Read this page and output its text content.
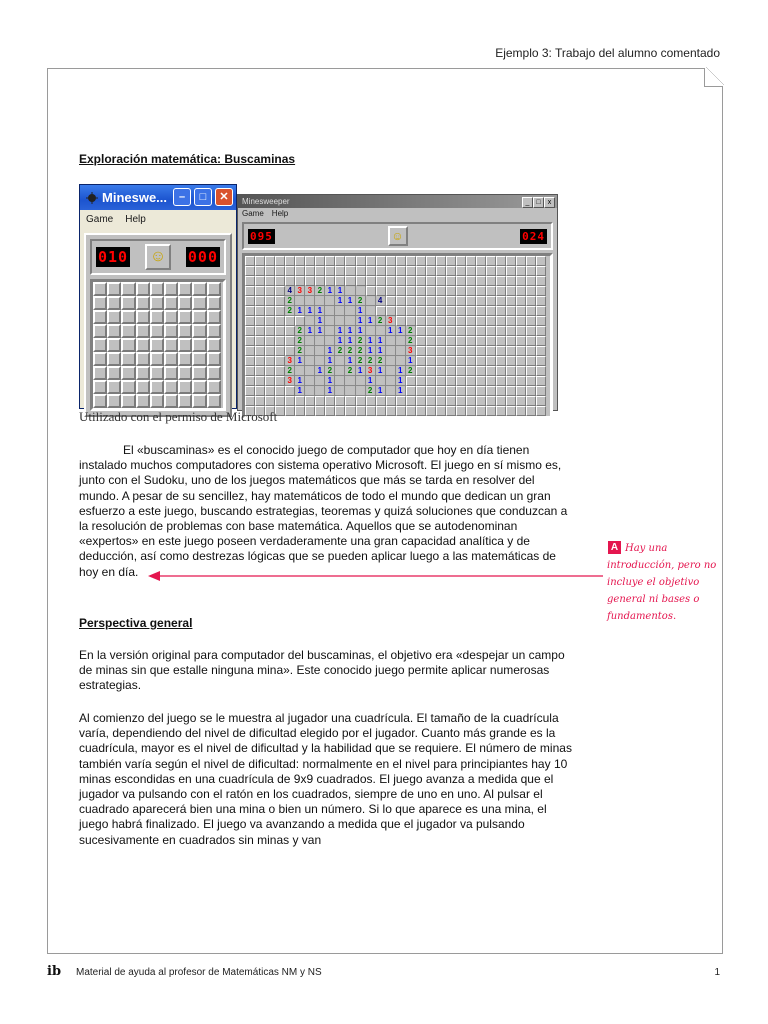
Ejemplo 3: Trabajo del alumno comentado
Exploración matemática: Buscaminas
Mineswe...	–	□	✕
Game Help
010 ☺ 000
Minesweeper	_ □	x
Game Help
095	☺	024
4 3 3 2 1 1
2	1 1 2	4
2 1 1 1	1
1	1 1 2 3
2 1 1	1 1 1	1 1 2
2	1 1 2 1 1	2
2	1 2 2 2 1 1	3
3 1	1	1 2 2 2	1
2	1 2	2 1 3 1	1 2
3 1	1	1	1
1	1	2 1	1
Utilizado con el permiso de Microsoft

El «buscaminas» es el conocido juego de computador que hoy en día tienen instalado muchos computadores con sistema operativo Microsoft. El juego en sí mismo es, junto con el Sudoku, uno de los juegos matemáticos que más se tarda en resolver del mundo. A pesar de su sencillez, hay matemáticos de todo el mundo que dedican un gran esfuerzo a este juego, buscando estrategias, teoremas y quizá soluciones que conduzcan a la resolución de problemas con base matemática. Aquellos que se autodenominan «expertos» en este juego poseen verdaderamente una gran capacidad analítica y de deducción, así como destrezas lógicas que se pueden aplicar luego a las matemáticas de hoy en día.

Hay una introducción, pero no incluye el objetivo general ni bases o fundamentos.
A
Perspectiva general

En la versión original para computador del buscaminas, el objetivo era «despejar un campo de minas sin que estalle ninguna mina». Este conocido juego permite aplicar numerosas estrategias.

Al comienzo del juego se le muestra al jugador una cuadrícula. El tamaño de la cuadrícula varía, dependiendo del nivel de dificultad elegido por el jugador. Cuanto más grande es la cuadrícula, mayor es el nivel de dificultad y la habilidad que se requiere. El número de minas también varía según el nivel de dificultad: normalmente en el nivel para principiantes hay 10 minas escondidas en una cuadrícula de 9x9 cuadrados. El juego avanza a medida que el jugador va pulsando con el ratón en los cuadrados, siempre de uno en uno. Al pulsar el cuadrado aparecerá bien una mina o bien un número. Si lo que aparece es una mina, el juego habrá finalizado. El juego va avanzando a medida que el jugador va pulsando sucesivamente en cuadrados sin minas y van

ib Material de ayuda al profesor de Matemáticas NM y NS	1
